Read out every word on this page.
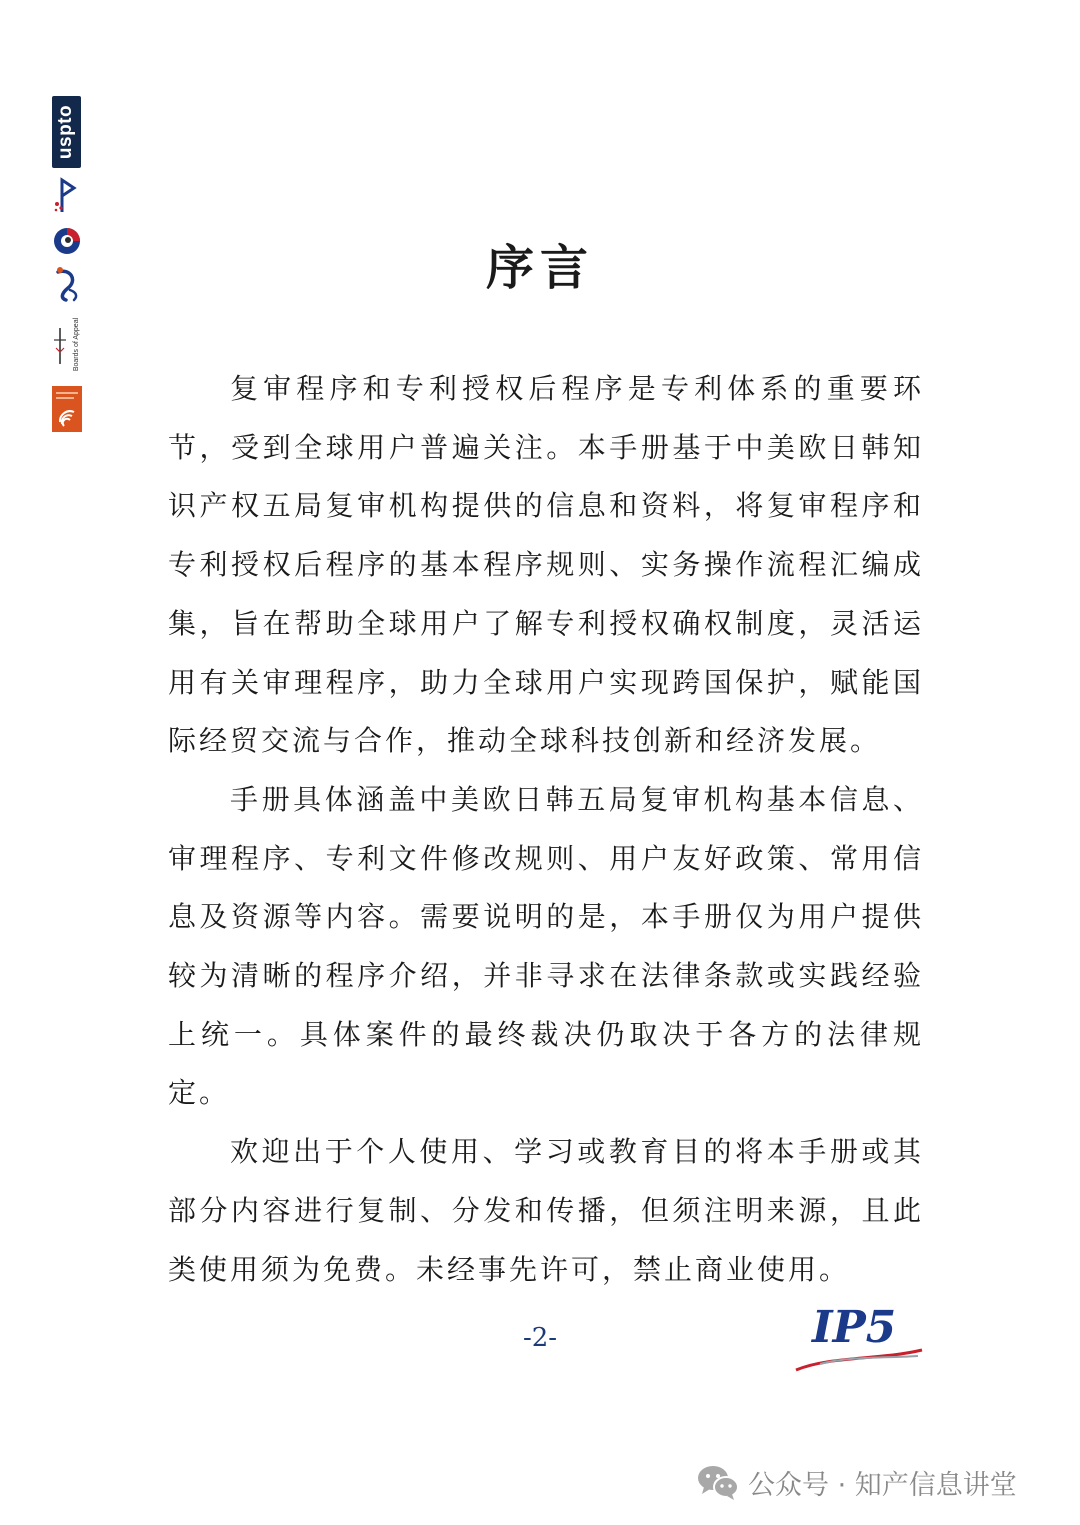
uspto
Boards of Appeal
序言

复审程序和专利授权后程序是专利体系的重要环节，受到全球用户普遍关注。本手册基于中美欧日韩知识产权五局复审机构提供的信息和资料，将复审程序和专利授权后程序的基本程序规则、实务操作流程汇编成集，旨在帮助全球用户了解专利授权确权制度，灵活运用有关审理程序，助力全球用户实现跨国保护，赋能国际经贸交流与合作，推动全球科技创新和经济发展。

手册具体涵盖中美欧日韩五局复审机构基本信息、审理程序、专利文件修改规则、用户友好政策、常用信息及资源等内容。需要说明的是，本手册仅为用户提供较为清晰的程序介绍，并非寻求在法律条款或实践经验上统一。具体案件的最终裁决仍取决于各方的法律规定。

欢迎出于个人使用、学习或教育目的将本手册或其部分内容进行复制、分发和传播，但须注明来源，且此类使用须为免费。未经事先许可，禁止商业使用。

-2-	IP5
公众号 · 知产信息讲堂
